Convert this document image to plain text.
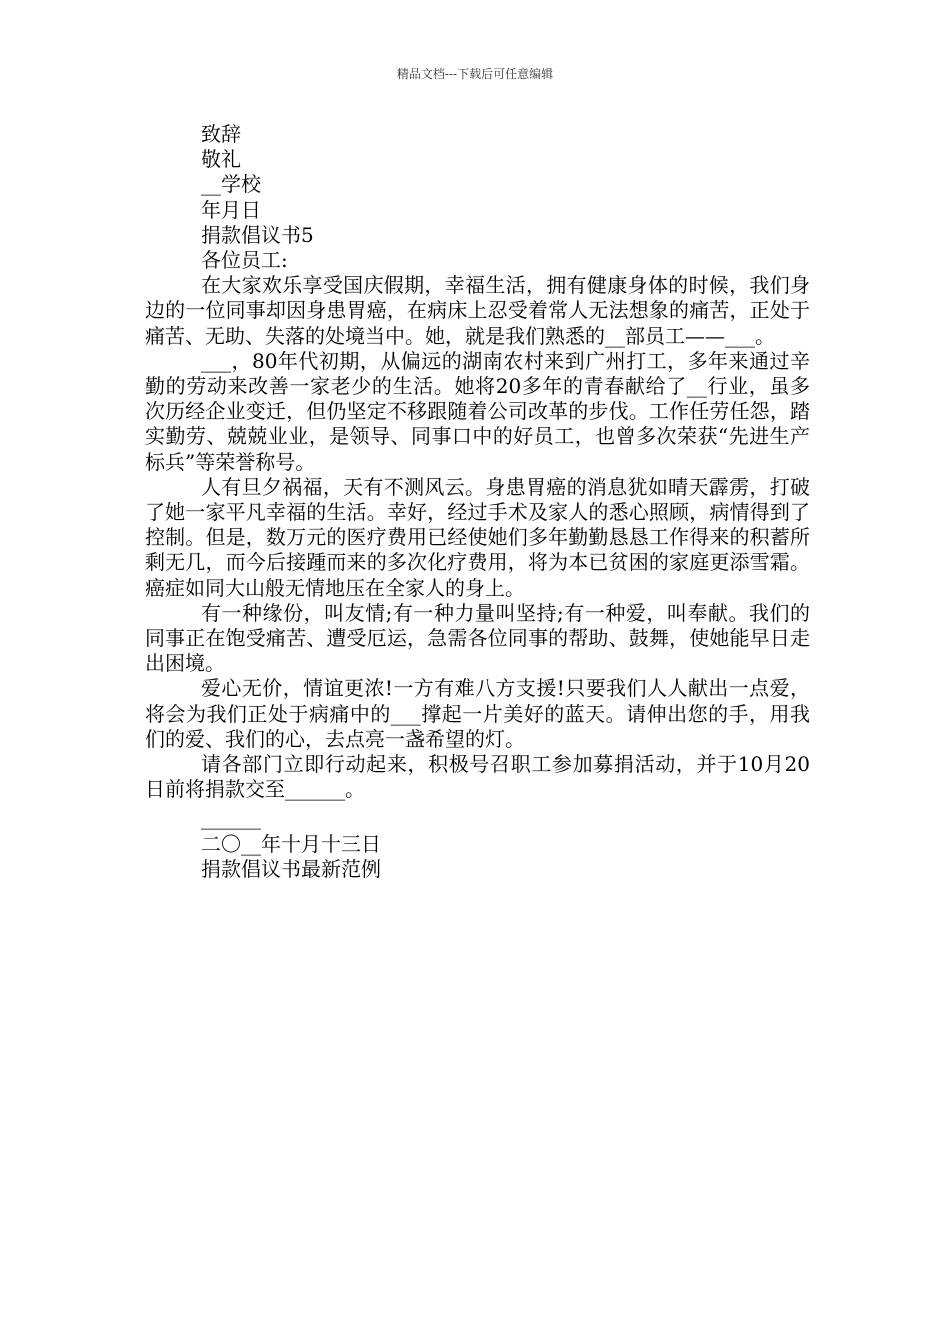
精品文档---下载后可任意编辑

致辞

敬礼

__学校

年月日

捐款倡议书5

各位员工:

在大家欢乐享受国庆假期，幸福生活，拥有健康身体的时候，我们身边的一位同事却因身患胃癌，在病床上忍受着常人无法想象的痛苦，正处于痛苦、无助、失落的处境当中。她，就是我们熟悉的__部员工——___。

___，80年代初期，从偏远的湖南农村来到广州打工，多年来通过辛勤的劳动来改善一家老少的生活。她将20多年的青春献给了__行业，虽多次历经企业变迁，但仍坚定不移跟随着公司改革的步伐。工作任劳任怨，踏实勤劳、兢兢业业，是领导、同事口中的好员工，也曾多次荣获“先进生产标兵”等荣誉称号。

人有旦夕祸福，天有不测风云。身患胃癌的消息犹如晴天霹雳，打破了她一家平凡幸福的生活。幸好，经过手术及家人的悉心照顾，病情得到了控制。但是，数万元的医疗费用已经使她们多年勤勤恳恳工作得来的积蓄所剩无几，而今后接踵而来的多次化疗费用，将为本已贫困的家庭更添雪霜。癌症如同大山般无情地压在全家人的身上。

有一种缘份，叫友情;有一种力量叫坚持;有一种爱，叫奉献。我们的同事正在饱受痛苦、遭受厄运，急需各位同事的帮助、鼓舞，使她能早日走出困境。

爱心无价，情谊更浓!一方有难八方支援!只要我们人人献出一点爱，将会为我们正处于病痛中的___撑起一片美好的蓝天。请伸出您的手，用我们的爱、我们的心，去点亮一盏希望的灯。

请各部门立即行动起来，积极号召职工参加募捐活动，并于10月20日前将捐款交至______。

______

二〇__年十月十三日

捐款倡议书最新范例
